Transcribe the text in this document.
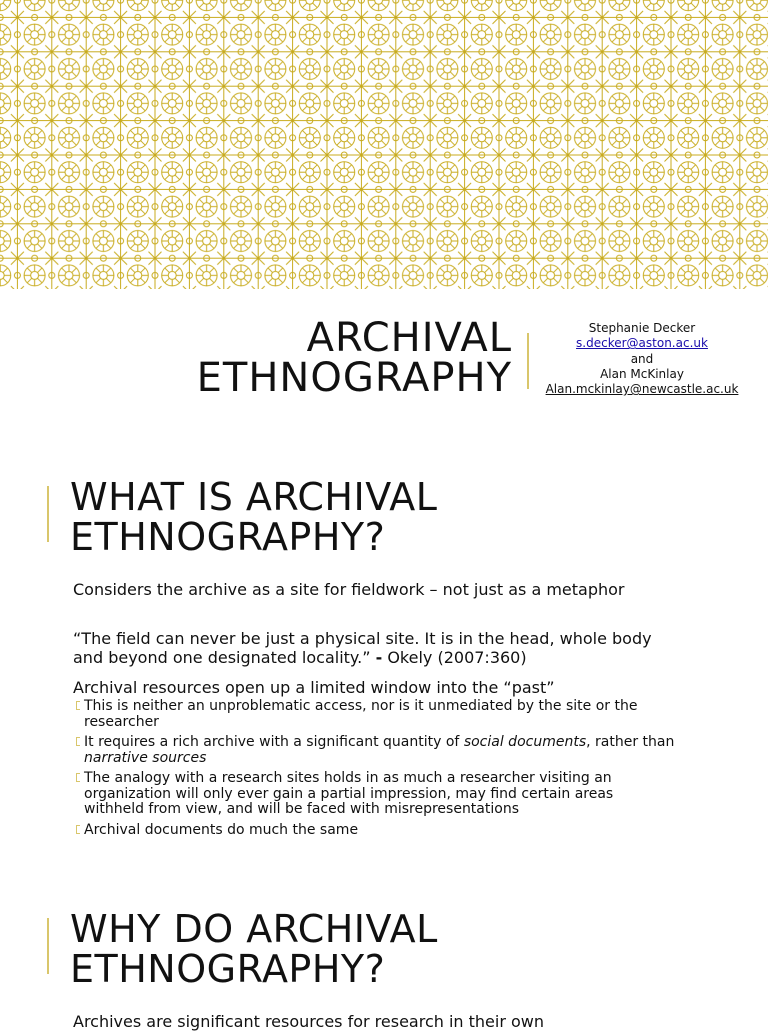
ARCHIVAL
ETHNOGRAPHY
Stephanie Decker
s.decker@aston.ac.uk
and
Alan McKinlay
Alan.mckinlay@newcastle.ac.uk
WHAT IS ARCHIVAL
ETHNOGRAPHY?
Considers the archive as a site for fieldwork – not just as a metaphor
“The field can never be just a physical site. It is in the head, whole body and beyond one designated locality.” - Okely (2007:360)
Archival resources open up a limited window into the “past”
This is neither an unproblematic access, nor is it unmediated by the site or the researcher
It requires a rich archive with a significant quantity of social documents, rather than narrative sources
The analogy with a research sites holds in as much a researcher visiting an organization will only ever gain a partial impression, may find certain areas withheld from view, and will be faced with misrepresentations
Archival documents do much the same
WHY DO ARCHIVAL
ETHNOGRAPHY?
Archives are significant resources for research in their own
